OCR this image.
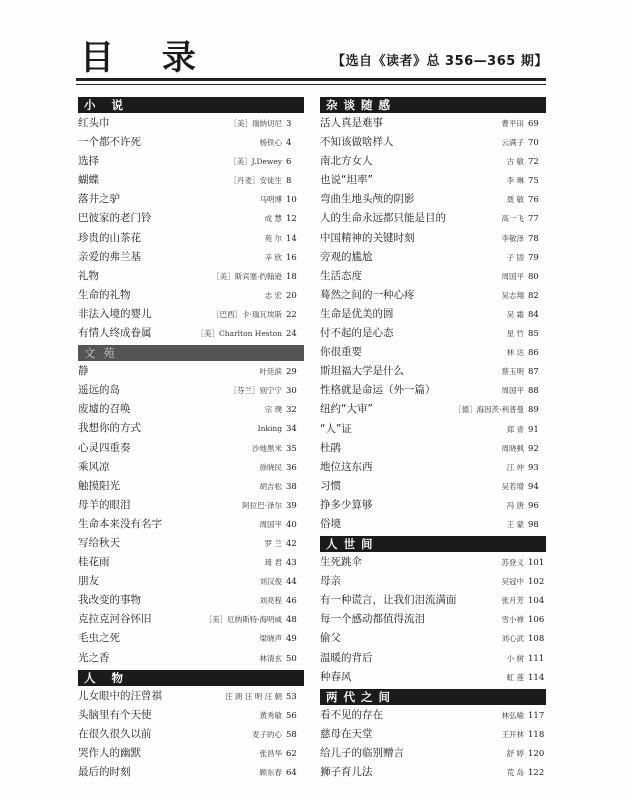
目 录	【选自《读者》总 356—365 期】
小 说
红头巾	［美］瑞纳切尼 3
一个都不许死	杨铁心 4
选择	［美］J.Dewey 6
蝴蝶	［丹麦］安徒生 8
落井之驴	马明博 10
巴彼家的老门铃	成 慧 12
珍贵的山茶花	苑 尔 14
亲爱的弗兰基	辛 欣 16
礼物	［美］斯宾塞·约翰逊 18
生命的礼物	志 宏 20
非法入境的婴儿	［巴西］卡·瑞瓦埃斯 22
有情人终成眷属	［美］Charlton Heston 24
文 苑
静	叶廷滨 29
遥远的岛	［芬兰］别宁宁 30
废墟的召唤	宗 璞 32
我想你的方式	Inking 34
心灵四重奏	沙地黑米 35
乘风凉	徐晓民 36
触摸阳光	胡吉松 38
母羊的眼泪	阿拉巴·泽尔 39
生命本来没有名字	周国平 40
写给秋天	罗 兰 42
桂花雨	琦 君 43
朋友	刘汉俊 44
我改变的事物	刘亮程 46
克拉克河谷怀旧	［美］厄纳斯特·海明威 48
毛虫之死	梁晓声 49
光之香	林清玄 50
人 物
儿女眼中的汪曾祺	汪 朗 汪 明 汪 朝 53
头脑里有个天使	黄秀敏 56
在很久很久以前	麦子的心 58
哭作人的幽默	张昌华 62
最后的时刻	顾东春 64
杂谈随感
活人真是难事	曹平田 69
不知该做啥样人	云满子 70
南北方女人	古 敏 72
也说“坦率”	李 琳 75
弯曲生地头颅的阴影	聂 敏 76
人的生命永远都只能是目的	高一飞 77
中国精神的关键时刻	李敬泽 78
旁观的尴尬	子 固 79
生活态度	周国平 80
蓦然之间的一种心疼	吴志翔 82
生命是优美的圆	吴 霜 84
付不起的是心态	星 竹 85
你很重要	林 达 86
斯坦福大学是什么	蔡玉明 87
性格就是命运（外一篇）	周国平 88
纽约“大审”	［德］海因茨·利普曼 89
“人”证	郑 青 91
杜鹃	周晓枫 92
地位这东西	江 仲 93
习惯	吴若增 94
挣多少算够	冯 唐 96
俗境	王 蒙 98
人世间
生死跳伞	苏登义 101
母亲	吴冠中 102
有一种谎言，让我们泪流满面	张月芳 104
每一个感动都值得流泪	雪小禅 106
偷父	刘心武 108
温暖的背后	小 树 111
种春风	虹 莲 114
两代之间
看不见的存在	林弘喻 117
慈母在天堂	王开林 118
给儿子的临别赠言	舒 婷 120
狮子育儿法	荒 岛 122
